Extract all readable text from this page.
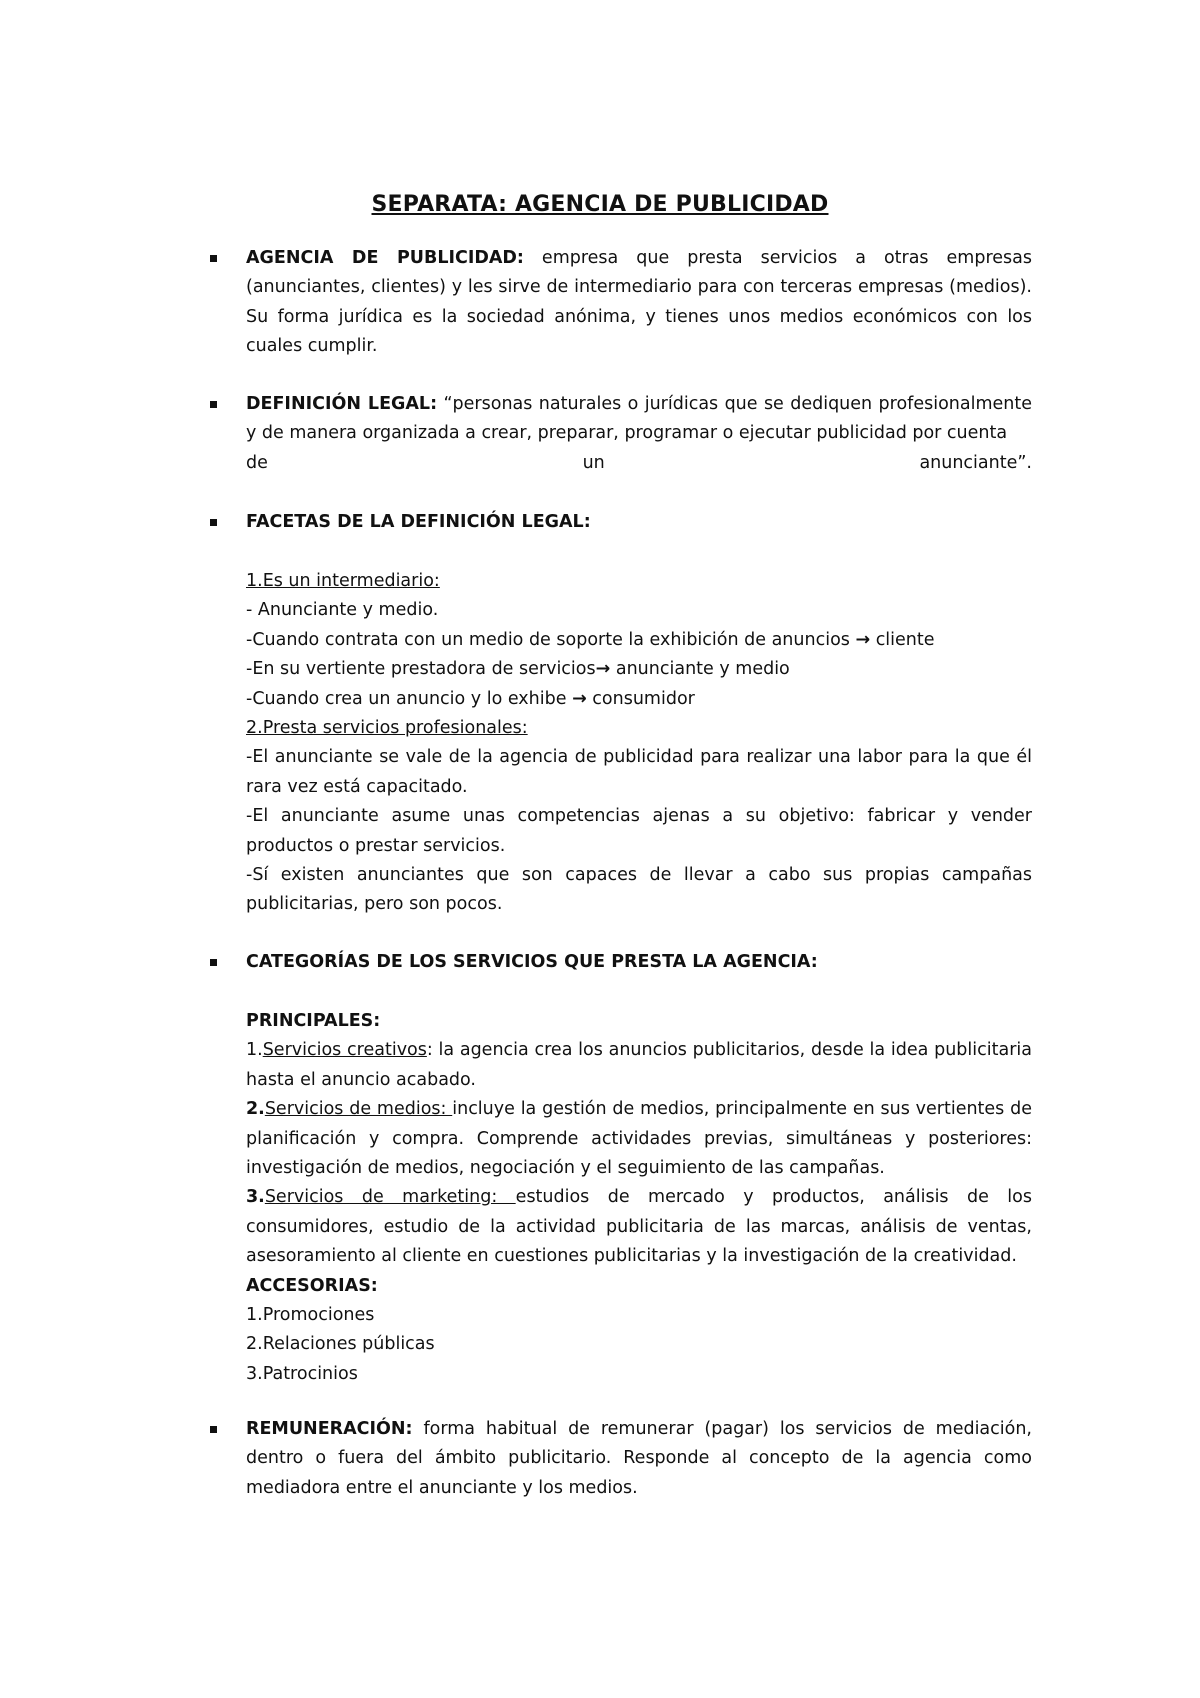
SEPARATA: AGENCIA DE PUBLICIDAD
AGENCIA DE PUBLICIDAD: empresa que presta servicios a otras empresas (anunciantes, clientes) y les sirve de intermediario para con terceras empresas (medios). Su forma jurídica es la sociedad anónima, y tienes unos medios económicos con los cuales cumplir.
DEFINICIÓN LEGAL: “personas naturales o jurídicas que se dediquen profesionalmente y de manera organizada a crear, preparar, programar o ejecutar publicidad por cuenta
de	un	anunciante”.
FACETAS DE LA DEFINICIÓN LEGAL:
1.Es un intermediario:
- Anunciante y medio.
-Cuando contrata con un medio de soporte la exhibición de anuncios → cliente
-En su vertiente prestadora de servicios→ anunciante y medio
-Cuando crea un anuncio y lo exhibe → consumidor
2.Presta servicios profesionales:
-El anunciante se vale de la agencia de publicidad para realizar una labor para la que él rara vez está capacitado.
-El anunciante asume unas competencias ajenas a su objetivo: fabricar y vender productos o prestar servicios.
-Sí existen anunciantes que son capaces de llevar a cabo sus propias campañas publicitarias, pero son pocos.
CATEGORÍAS DE LOS SERVICIOS QUE PRESTA LA AGENCIA:
PRINCIPALES:
1.Servicios creativos: la agencia crea los anuncios publicitarios, desde la idea publicitaria hasta el anuncio acabado.
2.Servicios de medios: incluye la gestión de medios, principalmente en sus vertientes de planificación y compra. Comprende actividades previas, simultáneas y posteriores: investigación de medios, negociación y el seguimiento de las campañas.
3.Servicios de marketing: estudios de mercado y productos, análisis de los consumidores, estudio de la actividad publicitaria de las marcas, análisis de ventas, asesoramiento al cliente en cuestiones publicitarias y la investigación de la creatividad.
ACCESORIAS:
1.Promociones
2.Relaciones públicas
3.Patrocinios
REMUNERACIÓN: forma habitual de remunerar (pagar) los servicios de mediación, dentro o fuera del ámbito publicitario. Responde al concepto de la agencia como mediadora entre el anunciante y los medios.
